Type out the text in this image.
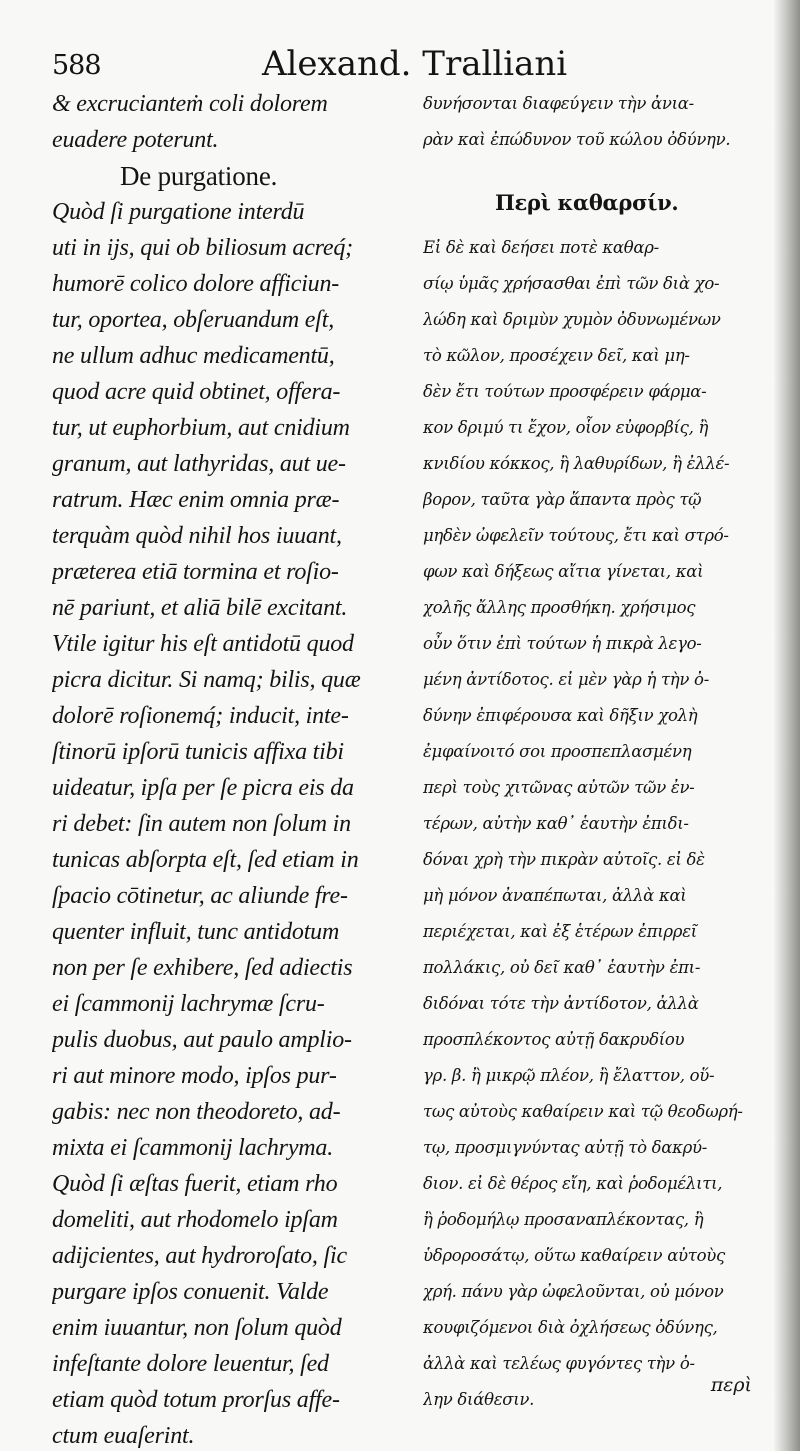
588	Alexand. Tralliani
& excrucianteṁ coli dolorem
euadere poterunt.
De purgatione.
Quòd ſi purgatione interdū
uti in ijs, qui ob biliosum acreq́;
humorē colico dolore afficiun-
tur, oportea, obſeruandum eſt,
ne ullum adhuc medicamentū,
quod acre quid obtinet, offera-
tur, ut euphorbium, aut cnidium
granum, aut lathyridas, aut ue-
ratrum. Hæc enim omnia præ-
terquàm quòd nihil hos iuuant,
præterea etiā tormina et roſio-
nē pariunt, et aliā bilē excitant.
Vtile igitur his eſt antidotū quod
picra dicitur. Si namq; bilis, quæ
dolorē roſionemq́; inducit, inte-
ſtinorū ipſorū tunicis affixa tibi
uideatur, ipſa per ſe picra eis da
ri debet: ſin autem non ſolum in
tunicas abſorpta eſt, ſed etiam in
ſpacio cōtinetur, ac aliunde fre-
quenter influit, tunc antidotum
non per ſe exhibere, ſed adiectis
ei ſcammonij lachrymæ ſcru-
pulis duobus, aut paulo amplio-
ri aut minore modo, ipſos pur-
gabis: nec non theodoreto, ad-
mixta ei ſcammonij lachryma.
Quòd ſi æſtas fuerit, etiam rho
domeliti, aut rhodomelo ipſam
adijcientes, aut hydroroſato, ſic
purgare ipſos conuenit. Valde
enim iuuantur, non ſolum quòd
infeſtante dolore leuentur, ſed
etiam quòd totum prorſus affe-
ctum euaſerint.
δυνήσονται διαφεύγειν τὴν ἀνια-
ρὰν καὶ ἐπώδυνον τοῦ κώλου ὀδύνην.
Περὶ καθαρσίν.
Εἰ δὲ καὶ δεήσει ποτὲ καθαρ-
σίῳ ὑμᾶς χρήσασθαι ἐπὶ τῶν διὰ χο-
λώδη καὶ δριμὺν χυμὸν ὀδυνωμένων
τὸ κῶλον, προσέχειν δεῖ, καὶ μη-
δὲν ἔτι τούτων προσφέρειν φάρμα-
κον δριμύ τι ἔχον, οἷον εὐφορβίς, ἢ
κνιδίου κόκκος, ἢ λαθυρίδων, ἢ ἐλλέ-
βορον, ταῦτα γὰρ ἅπαντα πρὸς τῷ
μηδὲν ὠφελεῖν τούτους, ἔτι καὶ στρό-
φων καὶ δήξεως αἴτια γίνεται, καὶ
χολῆς ἄλλης προσθήκη. χρήσιμος
οὖν ὅτιν ἐπὶ τούτων ἡ πικρὰ λεγο-
μένη ἀντίδοτος. εἰ μὲν γὰρ ἡ τὴν ὀ-
δύνην ἐπιφέρουσα καὶ δῆξιν χολὴ
ἐμφαίνοιτό σοι προσπεπλασμένη
περὶ τοὺς χιτῶνας αὐτῶν τῶν ἐν-
τέρων, αὐτὴν καθ᾽ ἑαυτὴν ἐπιδι-
δόναι χρὴ τὴν πικρὰν αὐτοῖς. εἰ δὲ
μὴ μόνον ἀναπέπωται, ἀλλὰ καὶ
περιέχεται, καὶ ἐξ ἑτέρων ἐπιρρεῖ
πολλάκις, οὐ δεῖ καθ᾽ ἑαυτὴν ἐπι-
διδόναι τότε τὴν ἀντίδοτον, ἀλλὰ
προσπλέκοντος αὐτῇ δακρυδίου
γρ. β. ἢ μικρῷ πλέον, ἢ ἔλαττον, οὕ-
τως αὐτοὺς καθαίρειν καὶ τῷ θεοδωρή-
τῳ, προσμιγνύντας αὐτῇ τὸ δακρύ-
διον. εἰ δὲ θέρος εἴη, καὶ ῥοδομέλιτι,
ἢ ῥοδομήλῳ προσαναπλέκοντας, ἢ
ὑδροροσάτῳ, οὕτω καθαίρειν αὐτοὺς
χρή. πάνυ γὰρ ὠφελοῦνται, οὐ μόνον
κουφιζόμενοι διὰ ὀχλήσεως ὀδύνης,
ἀλλὰ καὶ τελέως φυγόντες τὴν ὀ-
λην διάθεσιν.
περὶ
